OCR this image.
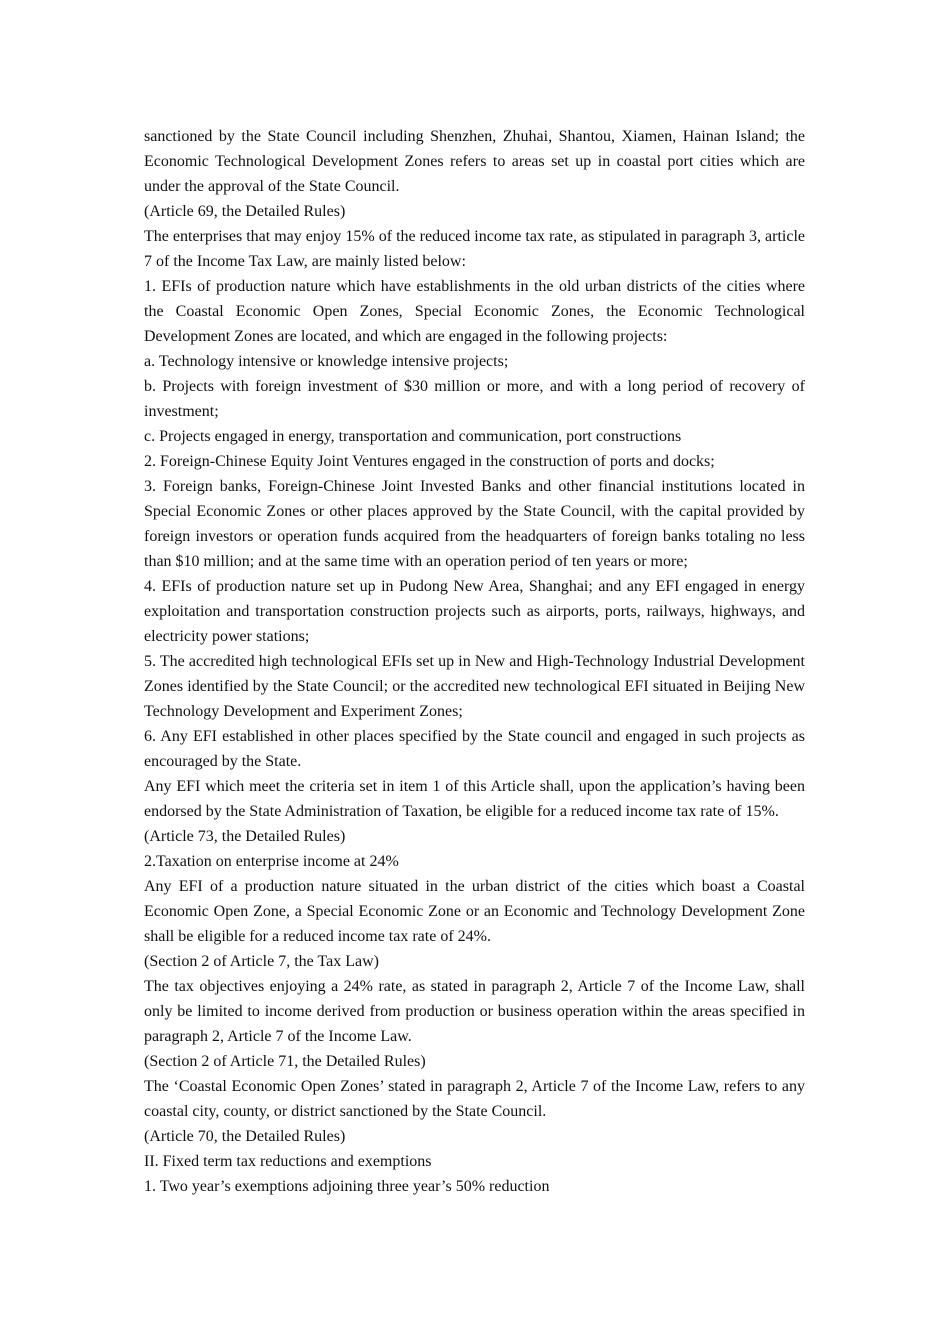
sanctioned by the State Council including Shenzhen, Zhuhai, Shantou, Xiamen, Hainan Island; the Economic Technological Development Zones refers to areas set up in coastal port cities which are under the approval of the State Council.

(Article 69, the Detailed Rules)

The enterprises that may enjoy 15% of the reduced income tax rate, as stipulated in paragraph 3, article 7 of the Income Tax Law, are mainly listed below:

1. EFIs of production nature which have establishments in the old urban districts of the cities where the Coastal Economic Open Zones, Special Economic Zones, the Economic Technological Development Zones are located, and which are engaged in the following projects:

a. Technology intensive or knowledge intensive projects;

b. Projects with foreign investment of $30 million or more, and with a long period of recovery of investment;

c. Projects engaged in energy, transportation and communication, port constructions

2. Foreign-Chinese Equity Joint Ventures engaged in the construction of ports and docks;

3. Foreign banks, Foreign-Chinese Joint Invested Banks and other financial institutions located in Special Economic Zones or other places approved by the State Council, with the capital provided by foreign investors or operation funds acquired from the headquarters of foreign banks totaling no less than $10 million; and at the same time with an operation period of ten years or more;

4. EFIs of production nature set up in Pudong New Area, Shanghai; and any EFI engaged in energy exploitation and transportation construction projects such as airports, ports, railways, highways, and electricity power stations;

5. The accredited high technological EFIs set up in New and High-Technology Industrial Development Zones identified by the State Council; or the accredited new technological EFI situated in Beijing New Technology Development and Experiment Zones;

6. Any EFI established in other places specified by the State council and engaged in such projects as encouraged by the State.

Any EFI which meet the criteria set in item 1 of this Article shall, upon the application’s having been endorsed by the State Administration of Taxation, be eligible for a reduced income tax rate of 15%.

(Article 73, the Detailed Rules)

2.Taxation on enterprise income at 24%

Any EFI of a production nature situated in the urban district of the cities which boast a Coastal Economic Open Zone, a Special Economic Zone or an Economic and Technology Development Zone shall be eligible for a reduced income tax rate of 24%.

(Section 2 of Article 7, the Tax Law)

The tax objectives enjoying a 24% rate, as stated in paragraph 2, Article 7 of the Income Law, shall only be limited to income derived from production or business operation within the areas specified in paragraph 2, Article 7 of the Income Law.

(Section 2 of Article 71, the Detailed Rules)

The ‘Coastal Economic Open Zones’ stated in paragraph 2, Article 7 of the Income Law, refers to any coastal city, county, or district sanctioned by the State Council.

(Article 70, the Detailed Rules)

II. Fixed term tax reductions and exemptions

1. Two year’s exemptions adjoining three year’s 50% reduction
